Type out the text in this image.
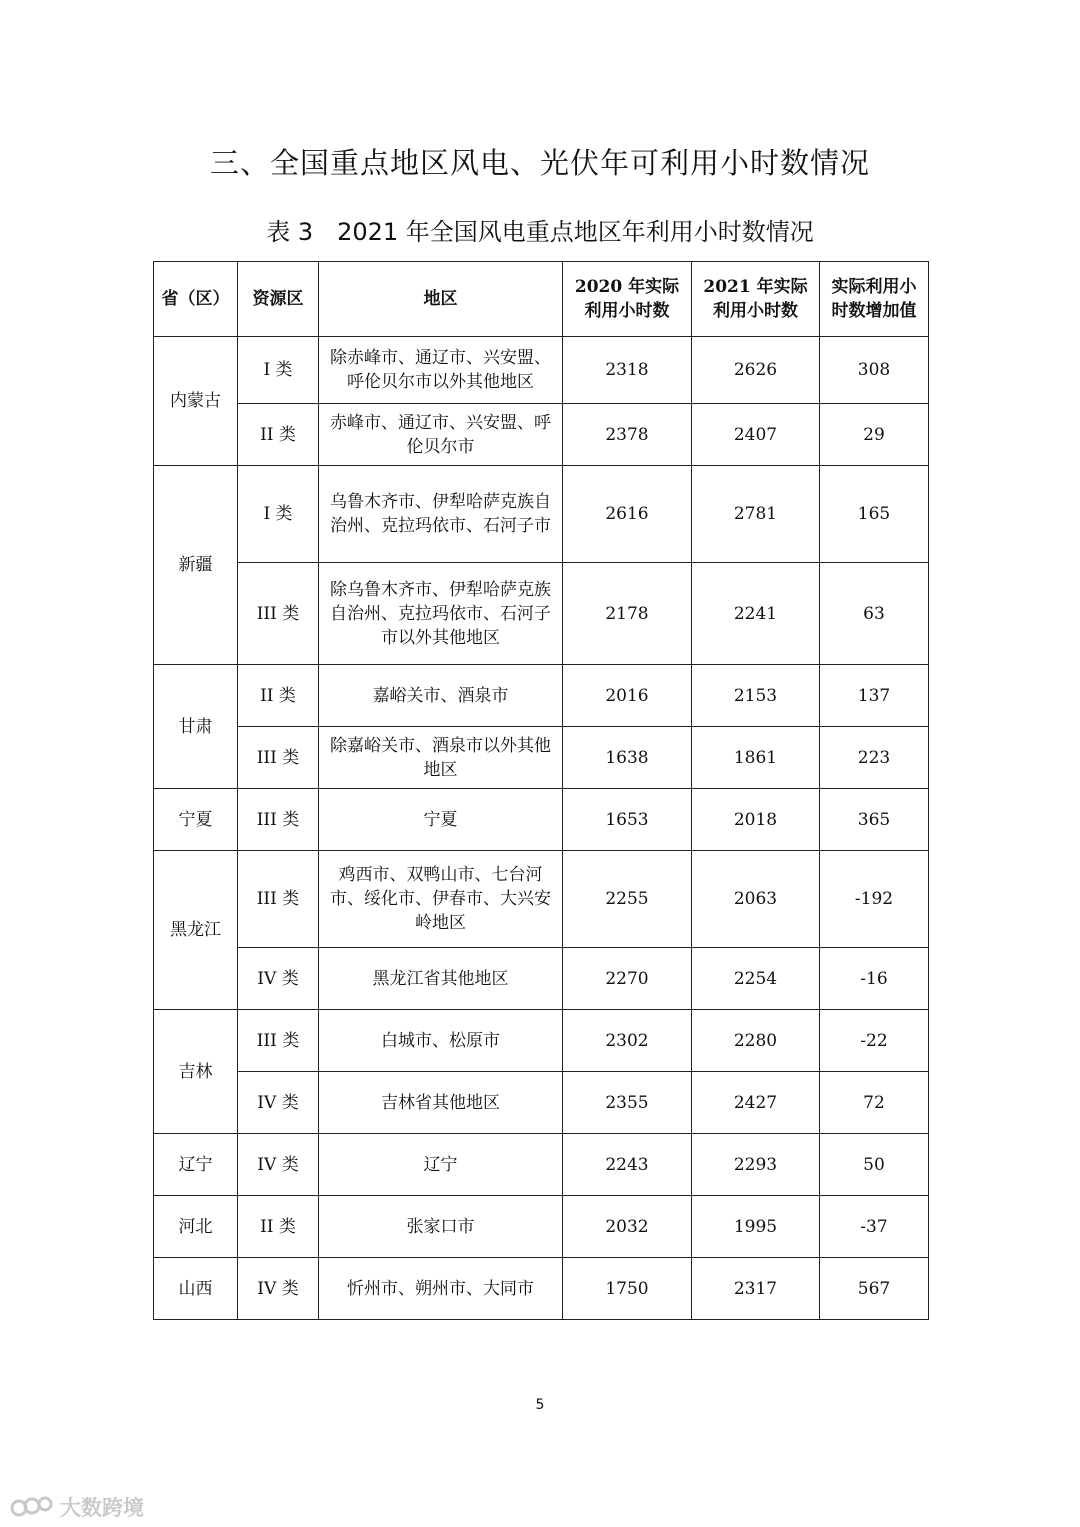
三、全国重点地区风电、光伏年可利用小时数情况
表 3　2021 年全国风电重点地区年利用小时数情况
省（区）	资源区	地区	2020 年实际利用小时数	2021 年实际利用小时数	实际利用小时数增加值
内蒙古	I 类	除赤峰市、通辽市、兴安盟、呼伦贝尔市以外其他地区	2318	2626	308
	II 类	赤峰市、通辽市、兴安盟、呼伦贝尔市	2378	2407	29
新疆	I 类	乌鲁木齐市、伊犁哈萨克族自治州、克拉玛依市、石河子市	2616	2781	165
	III 类	除乌鲁木齐市、伊犁哈萨克族自治州、克拉玛依市、石河子市以外其他地区	2178	2241	63
甘肃	II 类	嘉峪关市、酒泉市	2016	2153	137
	III 类	除嘉峪关市、酒泉市以外其他地区	1638	1861	223
宁夏	III 类	宁夏	1653	2018	365
黑龙江	III 类	鸡西市、双鸭山市、七台河市、绥化市、伊春市、大兴安岭地区	2255	2063	-192
	IV 类	黑龙江省其他地区	2270	2254	-16
吉林	III 类	白城市、松原市	2302	2280	-22
	IV 类	吉林省其他地区	2355	2427	72
辽宁	IV 类	辽宁	2243	2293	50
河北	II 类	张家口市	2032	1995	-37
山西	IV 类	忻州市、朔州市、大同市	1750	2317	567
5
大数跨境
